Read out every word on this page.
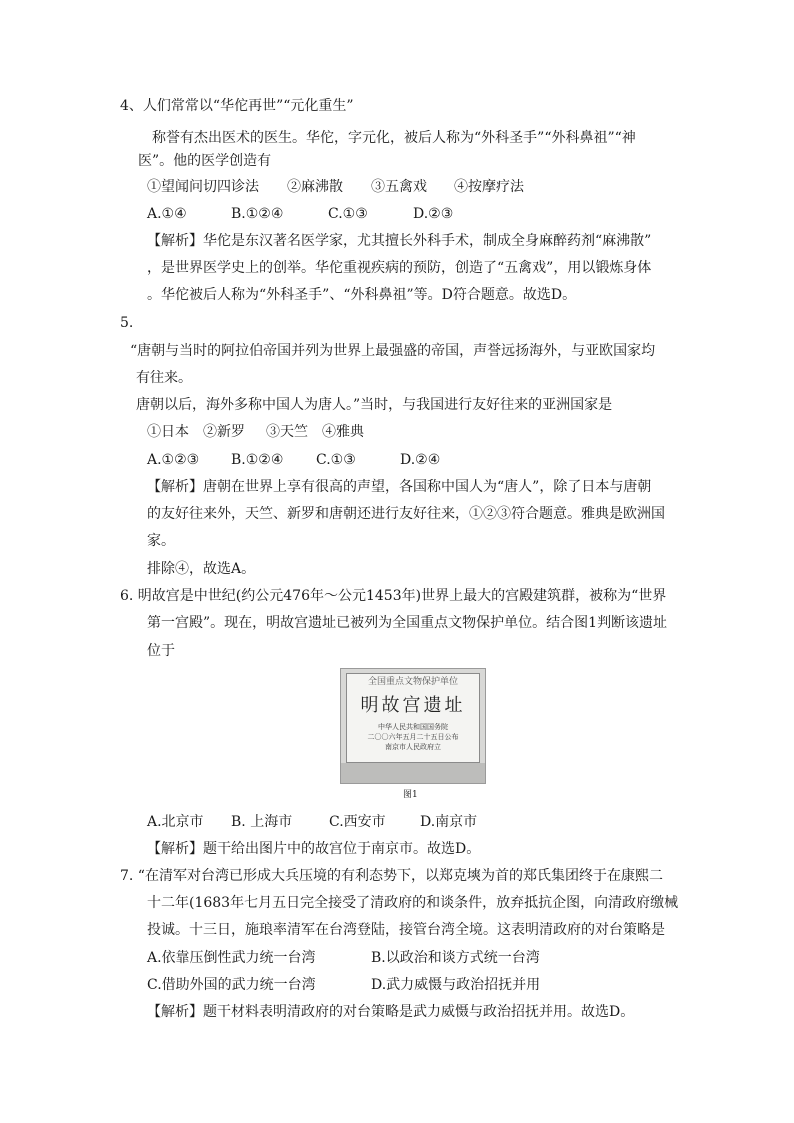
4、人们常常以“华佗再世”“元化重生”
称誉有杰出医术的医生。华佗，字元化，被后人称为“外科圣手”“外科鼻祖”“神
医”。他的医学创造有
①望闻问切四诊法 ②麻沸散 ③五禽戏 ④按摩疗法
A.①④	B.①②④	C.①③	D.②③
【解析】华佗是东汉著名医学家，尤其擅长外科手术，制成全身麻醉药剂“麻沸散”
，是世界医学史上的创举。华佗重视疾病的预防，创造了“五禽戏”，用以锻炼身体
。华佗被后人称为“外科圣手”、“外科鼻祖”等。D符合题意。故选D。
5.
“唐朝与当时的阿拉伯帝国并列为世界上最强盛的帝国，声誉远扬海外，与亚欧国家均
有往来。
唐朝以后，海外多称中国人为唐人。”当时，与我国进行友好往来的亚洲国家是
①日本 ②新罗 ③天竺 ④雅典
A.①②③ B.①②④ C.①③	D.②④
【解析】唐朝在世界上享有很高的声望，各国称中国人为“唐人”，除了日本与唐朝
的友好往来外，天竺、新罗和唐朝还进行友好往来，①②③符合题意。雅典是欧洲国
家。
排除④，故选A。
6. 明故宫是中世纪(约公元476年～公元1453年)世界上最大的宫殿建筑群，被称为“世界
第一宫殿”。现在，明故宫遗址已被列为全国重点文物保护单位。结合图1判断该遗址
位于
全国重点文物保护单位
明故宫遗址
中华人民共和国国务院
二〇〇六年五月二十五日公布
南京市人民政府立
图1
A.北京市 B. 上海市	C.西安市 D.南京市
【解析】题干给出图片中的故宫位于南京市。故选D。
7. “在清军对台湾已形成大兵压境的有利态势下，以郑克塽为首的郑氏集团终于在康熙二
十二年(1683年七月五日完全接受了清政府的和谈条件，放弃抵抗企图，向清政府缴械
投诚。十三日，施琅率清军在台湾登陆，接管台湾全境。这表明清政府的对台策略是
A.依靠压倒性武力统一台湾	B.以政治和谈方式统一台湾
C.借助外国的武力统一台湾	D.武力威慑与政治招抚并用
【解析】题干材料表明清政府的对台策略是武力威慑与政治招抚并用。故选D。
